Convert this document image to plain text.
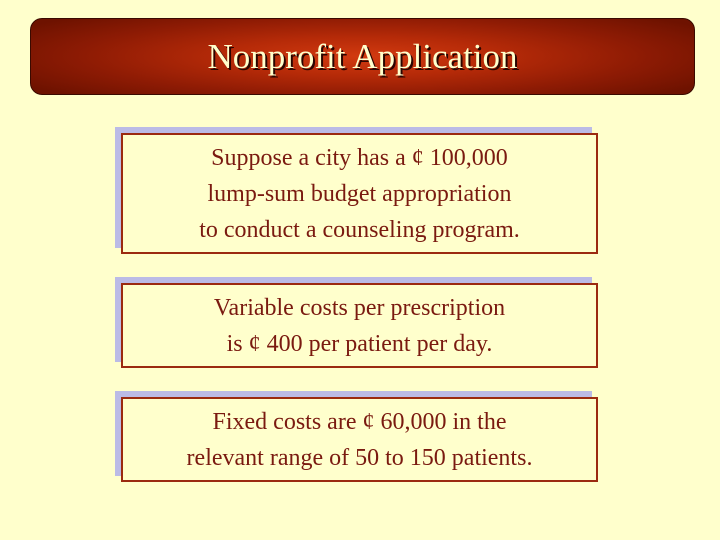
Nonprofit Application
Suppose a city has a ¢ 100,000
lump-sum budget appropriation
to conduct a counseling program.
Variable costs per prescription
is ¢ 400 per patient per day.
Fixed costs are ¢ 60,000 in the
relevant range of 50 to 150 patients.
